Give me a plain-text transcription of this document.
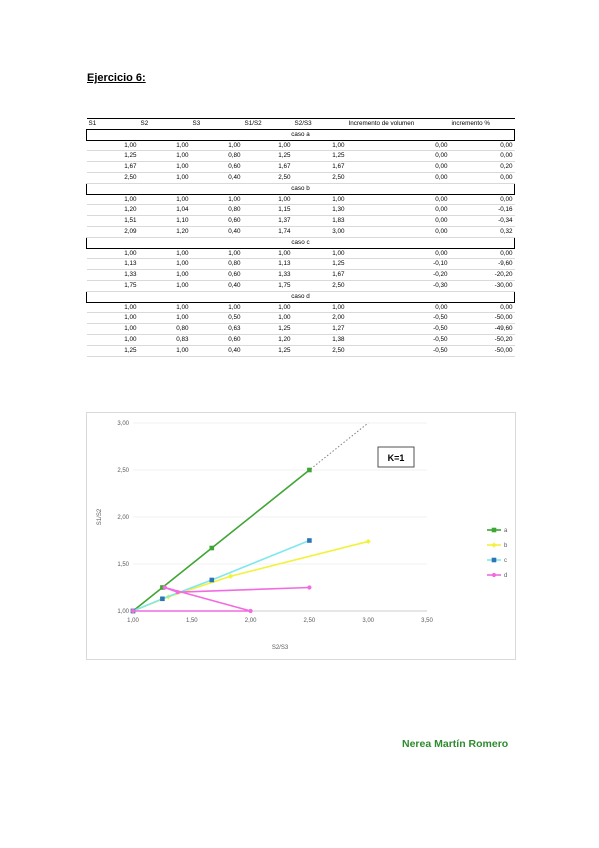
Ejercicio 6:
S1	S2	S3	S1/S2	S2/S3	Incremento de volumen	incremento %
caso a						
1,00	1,00	1,00	1,00	1,00	0,00	0,00
1,25	1,00	0,80	1,25	1,25	0,00	0,00
1,67	1,00	0,60	1,67	1,67	0,00	0,20
2,50	1,00	0,40	2,50	2,50	0,00	0,00
caso b						
1,00	1,00	1,00	1,00	1,00	0,00	0,00
1,20	1,04	0,80	1,15	1,30	0,00	-0,16
1,51	1,10	0,60	1,37	1,83	0,00	-0,34
2,09	1,20	0,40	1,74	3,00	0,00	0,32
caso c						
1,00	1,00	1,00	1,00	1,00	0,00	0,00
1,13	1,00	0,80	1,13	1,25	-0,10	-9,60
1,33	1,00	0,60	1,33	1,67	-0,20	-20,20
1,75	1,00	0,40	1,75	2,50	-0,30	-30,00
caso d						
1,00	1,00	1,00	1,00	1,00	0,00	0,00
1,00	1,00	0,50	1,00	2,00	-0,50	-50,00
1,00	0,80	0,63	1,25	1,27	-0,50	-49,60
1,00	0,83	0,60	1,20	1,38	-0,50	-50,20
1,25	1,00	0,40	1,25	2,50	-0,50	-50,00
1,00
1,50
2,00
2,50
3,00
1,00	1,50	2,00	2,50	3,00	3,50
S2/S3
S1/S2
K=1
a
b
c
d
Nerea Martín Romero
